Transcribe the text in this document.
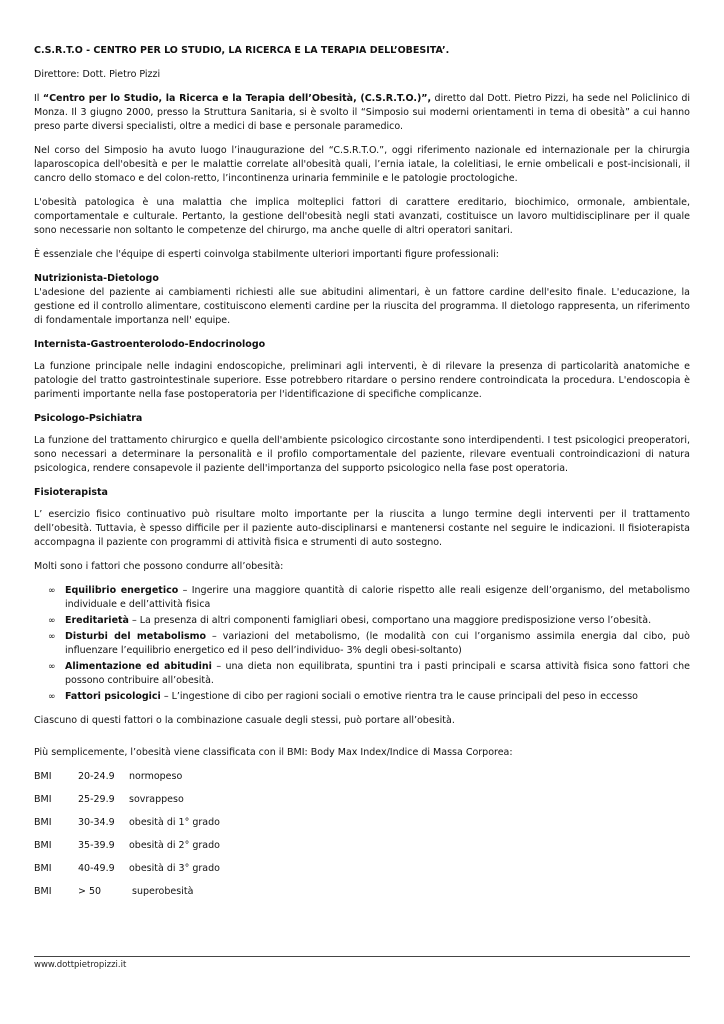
C.S.R.T.O - CENTRO PER LO STUDIO, LA RICERCA E LA TERAPIA DELL’OBESITA’.

Direttore: Dott. Pietro Pizzi

Il “Centro per lo Studio, la Ricerca e la Terapia dell’Obesità, (C.S.R.T.O.)”, diretto dal Dott. Pietro Pizzi, ha sede nel Policlinico di Monza. Il 3 giugno 2000, presso la Struttura Sanitaria, si è svolto il “Simposio sui moderni orientamenti in tema di obesità” a cui hanno preso parte diversi specialisti, oltre a medici di base e personale paramedico.

Nel corso del Simposio ha avuto luogo l’inaugurazione del “C.S.R.T.O.”, oggi riferimento nazionale ed internazionale per la chirurgia laparoscopica dell'obesità e per le malattie correlate all'obesità quali, l’ernia iatale, la colelitiasi, le ernie ombelicali e post-incisionali, il cancro dello stomaco e del colon-retto, l’incontinenza urinaria femminile e le patologie proctologiche.

L'obesità patologica è una malattia che implica molteplici fattori di carattere ereditario, biochimico, ormonale, ambientale, comportamentale e culturale. Pertanto, la gestione dell'obesità negli stati avanzati, costituisce un lavoro multidisciplinare per il quale sono necessarie non soltanto le competenze del chirurgo, ma anche quelle di altri operatori sanitari.

È essenziale che l'équipe di esperti coinvolga stabilmente ulteriori importanti figure professionali:

Nutrizionista-Dietologo

L'adesione del paziente ai cambiamenti richiesti alle sue abitudini alimentari, è un fattore cardine dell'esito finale. L'educazione, la gestione ed il controllo alimentare, costituiscono elementi cardine per la riuscita del programma. Il dietologo rappresenta, un riferimento di fondamentale importanza nell' equipe.

Internista-Gastroenterolodo-Endocrinologo

La funzione principale nelle indagini endoscopiche, preliminari agli interventi, è di rilevare la presenza di particolarità anatomiche e patologie del tratto gastrointestinale superiore. Esse potrebbero ritardare o persino rendere controindicata la procedura. L'endoscopia è parimenti importante nella fase postoperatoria per l'identificazione di specifiche complicanze.

Psicologo-Psichiatra

La funzione del trattamento chirurgico e quella dell'ambiente psicologico circostante sono interdipendenti. I test psicologici preoperatori, sono necessari a determinare la personalità e il profilo comportamentale del paziente, rilevare eventuali controindicazioni di natura psicologica, rendere consapevole il paziente dell'importanza del supporto psicologico nella fase post operatoria.

Fisioterapista

L’ esercizio fisico continuativo può risultare molto importante per la riuscita a lungo termine degli interventi per il trattamento dell’obesità. Tuttavia, è spesso difficile per il paziente auto-disciplinarsi e mantenersi costante nel seguire le indicazioni. Il fisioterapista accompagna il paziente con programmi di attività fisica e strumenti di auto sostegno.

Molti sono i fattori che possono condurre all’obesità:

∞ Equilibrio energetico – Ingerire una maggiore quantità di calorie rispetto alle reali esigenze dell’organismo, del metabolismo individuale e dell’attività fisica
∞ Ereditarietà – La presenza di altri componenti famigliari obesi, comportano una maggiore predisposizione verso l’obesità.
∞ Disturbi del metabolismo – variazioni del metabolismo, (le modalità con cui l’organismo assimila energia dal cibo, può influenzare l’equilibrio energetico ed il peso dell’individuo- 3% degli obesi-soltanto)
∞ Alimentazione ed abitudini – una dieta non equilibrata, spuntini tra i pasti principali e scarsa attività fisica sono fattori che possono contribuire all’obesità.
∞ Fattori psicologici – L’ingestione di cibo per ragioni sociali o emotive rientra tra le cause principali del peso in eccesso

Ciascuno di questi fattori o la combinazione casuale degli stessi, può portare all’obesità.

Più semplicemente, l’obesità viene classificata con il BMI: Body Max Index/Indice di Massa Corporea:

BMI	20-24.9	normopeso
BMI	25-29.9	sovrappeso
BMI	30-34.9	obesità di 1° grado
BMI	35-39.9	obesità di 2° grado
BMI	40-49.9	obesità di 3° grado
BMI	> 50	superobesità
www.dottpietropizzi.it
